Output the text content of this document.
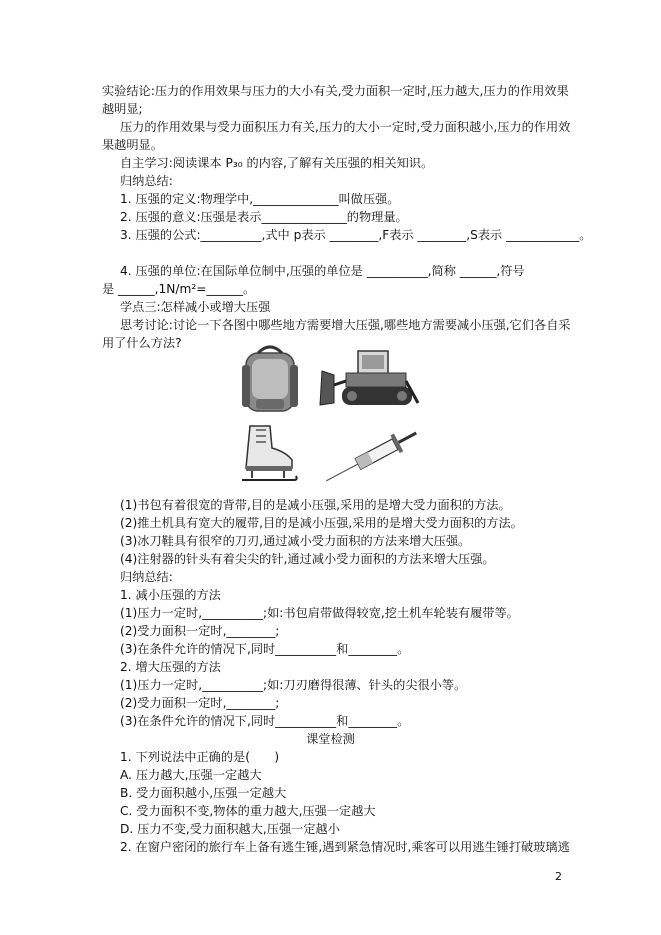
实验结论:压力的作用效果与压力的大小有关,受力面积一定时,压力越大,压力的作用效果
越明显;
压力的作用效果与受力面积压力有关,压力的大小一定时,受力面积越小,压力的作用效
果越明显。
自主学习:阅读课本 P₃₀ 的内容,了解有关压强的相关知识。
归纳总结:
1. 压强的定义:物理学中,______________叫做压强。
2. 压强的意义:压强是表示______________的物理量。
3. 压强的公式:__________,式中 p表示 ________,F表示 ________,S表示 ____________。
4. 压强的单位:在国际单位制中,压强的单位是 __________,简称 ______,符号
是 ______,1N/m²=______。
学点三:怎样减小或增大压强
思考讨论:讨论一下各图中哪些地方需要增大压强,哪些地方需要减小压强,它们各自采
用了什么方法?
(1)书包有着很宽的背带,目的是减小压强,采用的是增大受力面积的方法。
(2)推土机具有宽大的履带,目的是减小压强,采用的是增大受力面积的方法。
(3)冰刀鞋具有很窄的刀刃,通过减小受力面积的方法来增大压强。
(4)注射器的针头有着尖尖的针,通过减小受力面积的方法来增大压强。
归纳总结:
1. 减小压强的方法
(1)压力一定时,__________;如:书包肩带做得较宽,挖土机车轮装有履带等。
(2)受力面积一定时,________;
(3)在条件允许的情况下,同时__________和________。
2. 增大压强的方法
(1)压力一定时,__________;如:刀刃磨得很薄、针头的尖很小等。
(2)受力面积一定时,________;
(3)在条件允许的情况下,同时__________和________。
课堂检测
1. 下列说法中正确的是(　　)
A. 压力越大,压强一定越大
B. 受力面积越小,压强一定越大
C. 受力面积不变,物体的重力越大,压强一定越大
D. 压力不变,受力面积越大,压强一定越小
2. 在窗户密闭的旅行车上备有逃生锤,遇到紧急情况时,乘客可以用逃生锤打破玻璃逃
2
